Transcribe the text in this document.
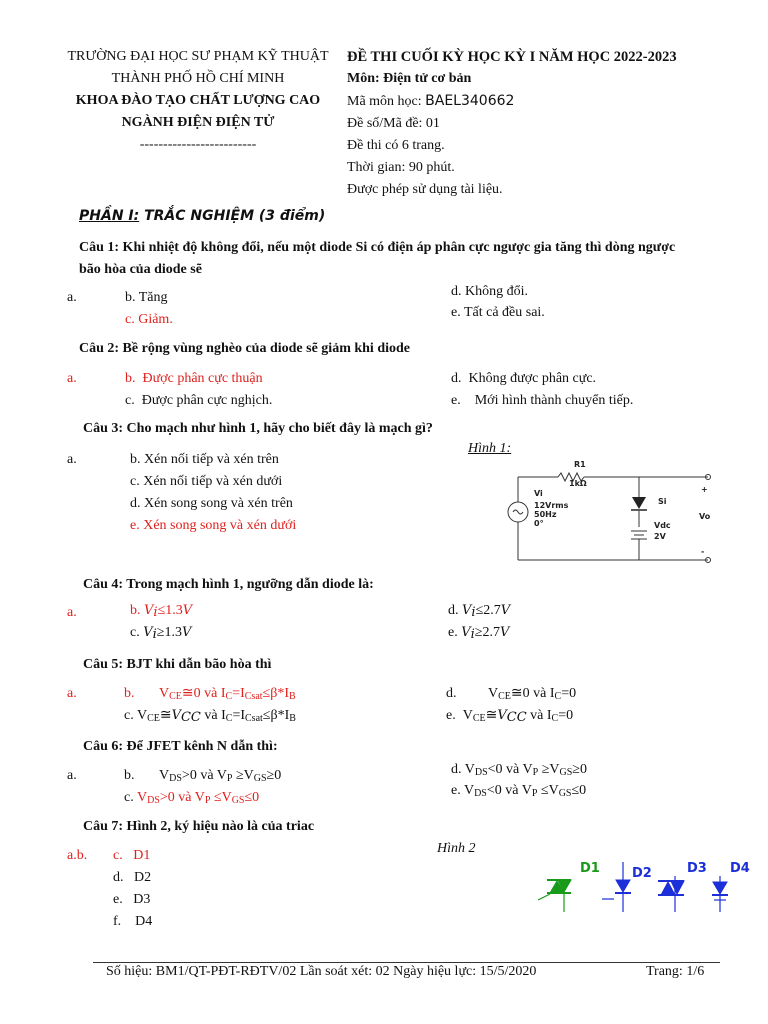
TRƯỜNG ĐẠI HỌC SƯ PHẠM KỸ THUẬT
THÀNH PHỐ HỒ CHÍ MINH
KHOA ĐÀO TẠO CHẤT LƯỢNG CAO
NGÀNH ĐIỆN ĐIỆN TỬ
-------------------------
ĐỀ THI CUỐI KỲ HỌC KỲ I NĂM HỌC 2022-2023
Môn: Điện tử cơ bản
Mã môn học: BAEL340662
Đề số/Mã đề: 01
Đề thi có 6 trang.
Thời gian: 90 phút.
Được phép sử dụng tài liệu.
PHẦN I: TRẮC NGHIỆM (3 điểm)
Câu 1: Khi nhiệt độ không đổi, nếu một diode Si có điện áp phân cực ngược gia tăng thì dòng ngược
bão hòa của diode sẽ
a.	b. Tăng
c. Giảm.
d. Không đổi.
e. Tất cả đều sai.
Câu 2: Bề rộng vùng nghèo của diode sẽ giảm khi diode
a.	b. Được phân cực thuận
c. Được phân cực nghịch.
d. Không được phân cực.
e. Mới hình thành chuyển tiếp.
Câu 3: Cho mạch như hình 1, hãy cho biết đây là mạch gì?
a.	b. Xén nối tiếp và xén trên
c. Xén nối tiếp và xén dưới
d. Xén song song và xén trên
e. Xén song song và xén dưới
Hình 1:
R1
1kΩ
Vi
12Vrms
50Hz
0°
Si
Vdc
2V
Vo
+
-
Câu 4: Trong mạch hình 1, ngưỡng dẫn diode là:
a.	b. Vi≤1.3V
c. Vi≥1.3V
d. Vi≤2.7V
e. Vi≥2.7V
Câu 5: BJT khi dẫn bão hòa thì
a.	b.       $V_{CE}≅0$ và $I_C=I_{Csat}\le\beta*I_B$
c. $V_{CE}≅VCC$ và $I_C=I_{Csat}\le\beta*I_B$
d.         $V_{CE}≅0$ và $I_C=0$
e.  $V_{CE}≅VCC$ và $I_C=0$
Câu 6: Để JFET kênh N dẫn thì:
a.	b.       $V_{DS}>0$ và $V_P \ge V_{GS}\ge 0$
c. $V_{DS}>0$ và $V_P \le V_{GS}\le 0$
d. $V_{DS}<0$ và $V_P \ge V_{GS}\ge 0$
e. $V_{DS}<0$ và $V_P \le V_{GS}\le 0$
Câu 7: Hình 2, ký hiệu nào là của triac
a.b. c. D1
d. D2
e. D3
f. D4
Hình 2
D1 D2	D3 D4
Số hiệu: BM1/QT-PĐT-RĐTV/02 Lần soát xét: 02 Ngày hiệu lực: 15/5/2020	Trang: 1/6
